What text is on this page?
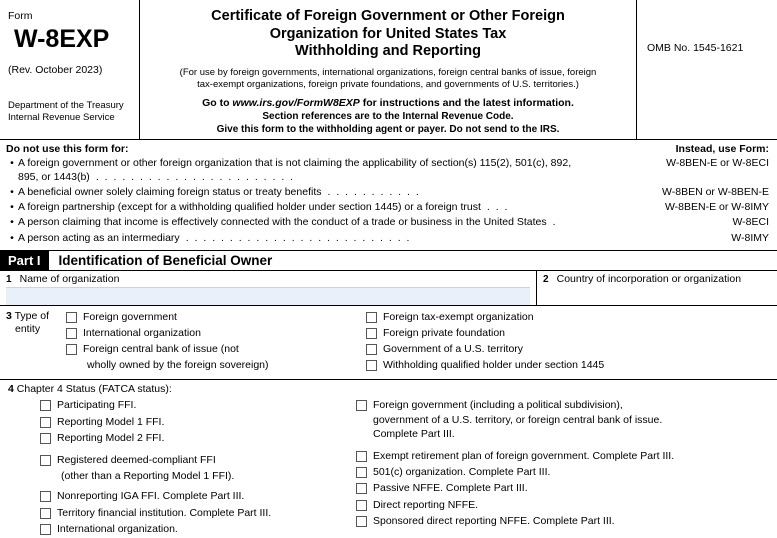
FormW-8EXP
(Rev. October 2023)
Department of the Treasury
Internal Revenue Service
Certificate of Foreign Government or Other Foreign
Organization for United States Tax
Withholding and Reporting
(For use by foreign governments, international organizations, foreign central banks of issue, foreign
tax-exempt organizations, foreign private foundations, and governments of U.S. territories.)
Go to www.irs.gov/FormW8EXP for instructions and the latest information.
Section references are to the Internal Revenue Code.
Give this form to the withholding agent or payer. Do not send to the IRS.
OMB No. 1545-1621
Do not use this form for:	Instead, use Form:
• A foreign government or other foreign organization that is not claiming the applicability of section(s) 115(2), 501(c), 892,
895, or 1443(b) . . . . . . . . . . . . . . . . . . . . . . .
W-8BEN-E or W-8ECI
• A beneficial owner solely claiming foreign status or treaty benefits . . . . . . . . . . .	W-8BEN or W-8BEN-E
• A foreign partnership (except for a withholding qualified holder under section 1445) or a foreign trust . . .	W-8BEN-E or W-8IMY
• A person claiming that income is effectively connected with the conduct of a trade or business in the United States .	W-8ECI
• A person acting as an intermediary . . . . . . . . . . . . . . . . . . . . . . . . . .	W-8IMY
Part I	Identification of Beneficial Owner
1 Name of organization	2 Country of incorporation or organization
3 Type of
entity
Foreign government
International organization
Foreign central bank of issue (not
wholly owned by the foreign sovereign)
Foreign tax-exempt organization
Foreign private foundation
Government of a U.S. territory
Withholding qualified holder under section 1445
4 Chapter 4 Status (FATCA status):
Participating FFI.
Reporting Model 1 FFI.
Reporting Model 2 FFI.
Registered deemed-compliant FFI
(other than a Reporting Model 1 FFI).
Nonreporting IGA FFI. Complete Part III.
Territory financial institution. Complete Part III.
International organization.
Foreign government (including a political subdivision),
government of a U.S. territory, or foreign central bank of issue.
Complete Part III.
Exempt retirement plan of foreign government. Complete Part III.
501(c) organization. Complete Part III.
Passive NFFE. Complete Part III.
Direct reporting NFFE.
Sponsored direct reporting NFFE. Complete Part III.
